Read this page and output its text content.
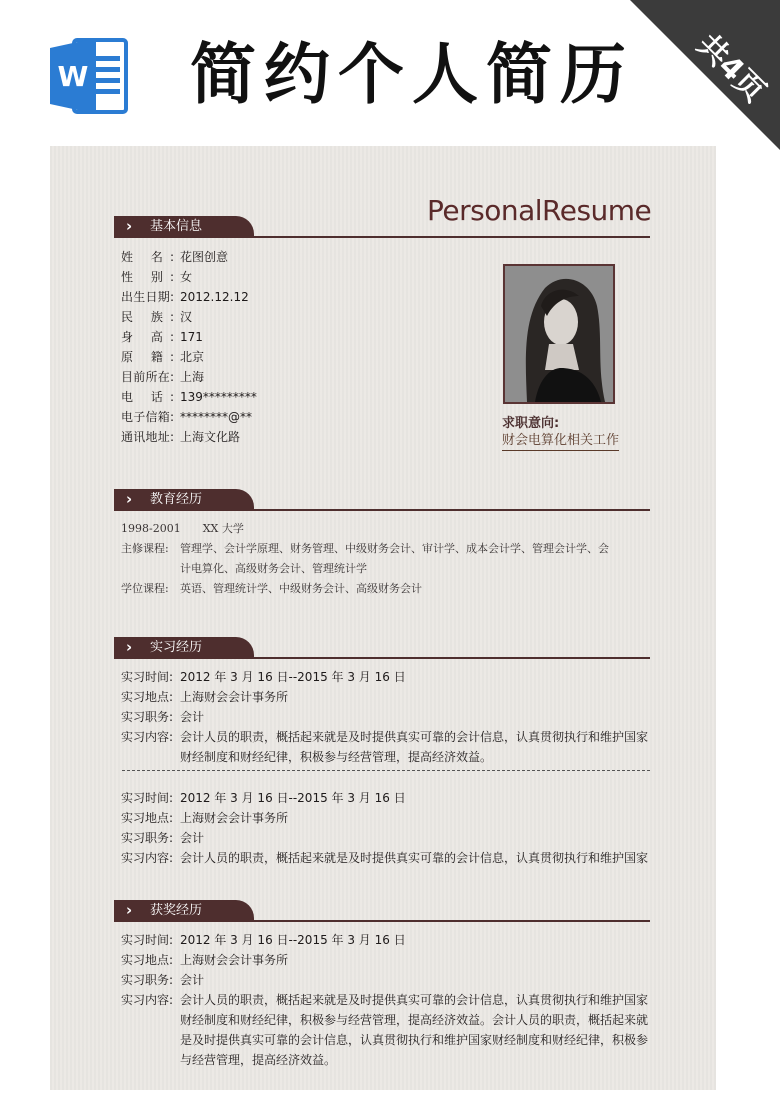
W 简约个人简历 共4页
PersonalResume
› 基本信息
姓 名: 花图创意
性 别: 女
出生日期: 2012.12.12
民 族: 汉
身 高: 171
原 籍: 北京
目前所在: 上海
电 话: 139*********
电子信箱: ********@**
通讯地址: 上海文化路
求职意向:
财会电算化相关工作
› 教育经历
1998-2001 XX 大学
主修课程: 管理学、会计学原理、财务管理、中级财务会计、审计学、成本会计学、管理会计学、会
计电算化、高级财务会计、管理统计学
学位课程: 英语、管理统计学、中级财务会计、高级财务会计
› 实习经历
实习时间: 2012 年 3 月 16 日--2015 年 3 月 16 日
实习地点: 上海财会会计事务所
实习职务: 会计
实习内容: 会计人员的职责，概括起来就是及时提供真实可靠的会计信息，认真贯彻执行和维护国家
财经制度和财经纪律，积极参与经营管理，提高经济效益。
实习时间: 2012 年 3 月 16 日--2015 年 3 月 16 日
实习地点: 上海财会会计事务所
实习职务: 会计
实习内容: 会计人员的职责，概括起来就是及时提供真实可靠的会计信息，认真贯彻执行和维护国家
› 获奖经历
实习时间: 2012 年 3 月 16 日--2015 年 3 月 16 日
实习地点: 上海财会会计事务所
实习职务: 会计
实习内容: 会计人员的职责，概括起来就是及时提供真实可靠的会计信息，认真贯彻执行和维护国家
财经制度和财经纪律，积极参与经营管理，提高经济效益。会计人员的职责，概括起来就
是及时提供真实可靠的会计信息，认真贯彻执行和维护国家财经制度和财经纪律，积极参
与经营管理，提高经济效益。
